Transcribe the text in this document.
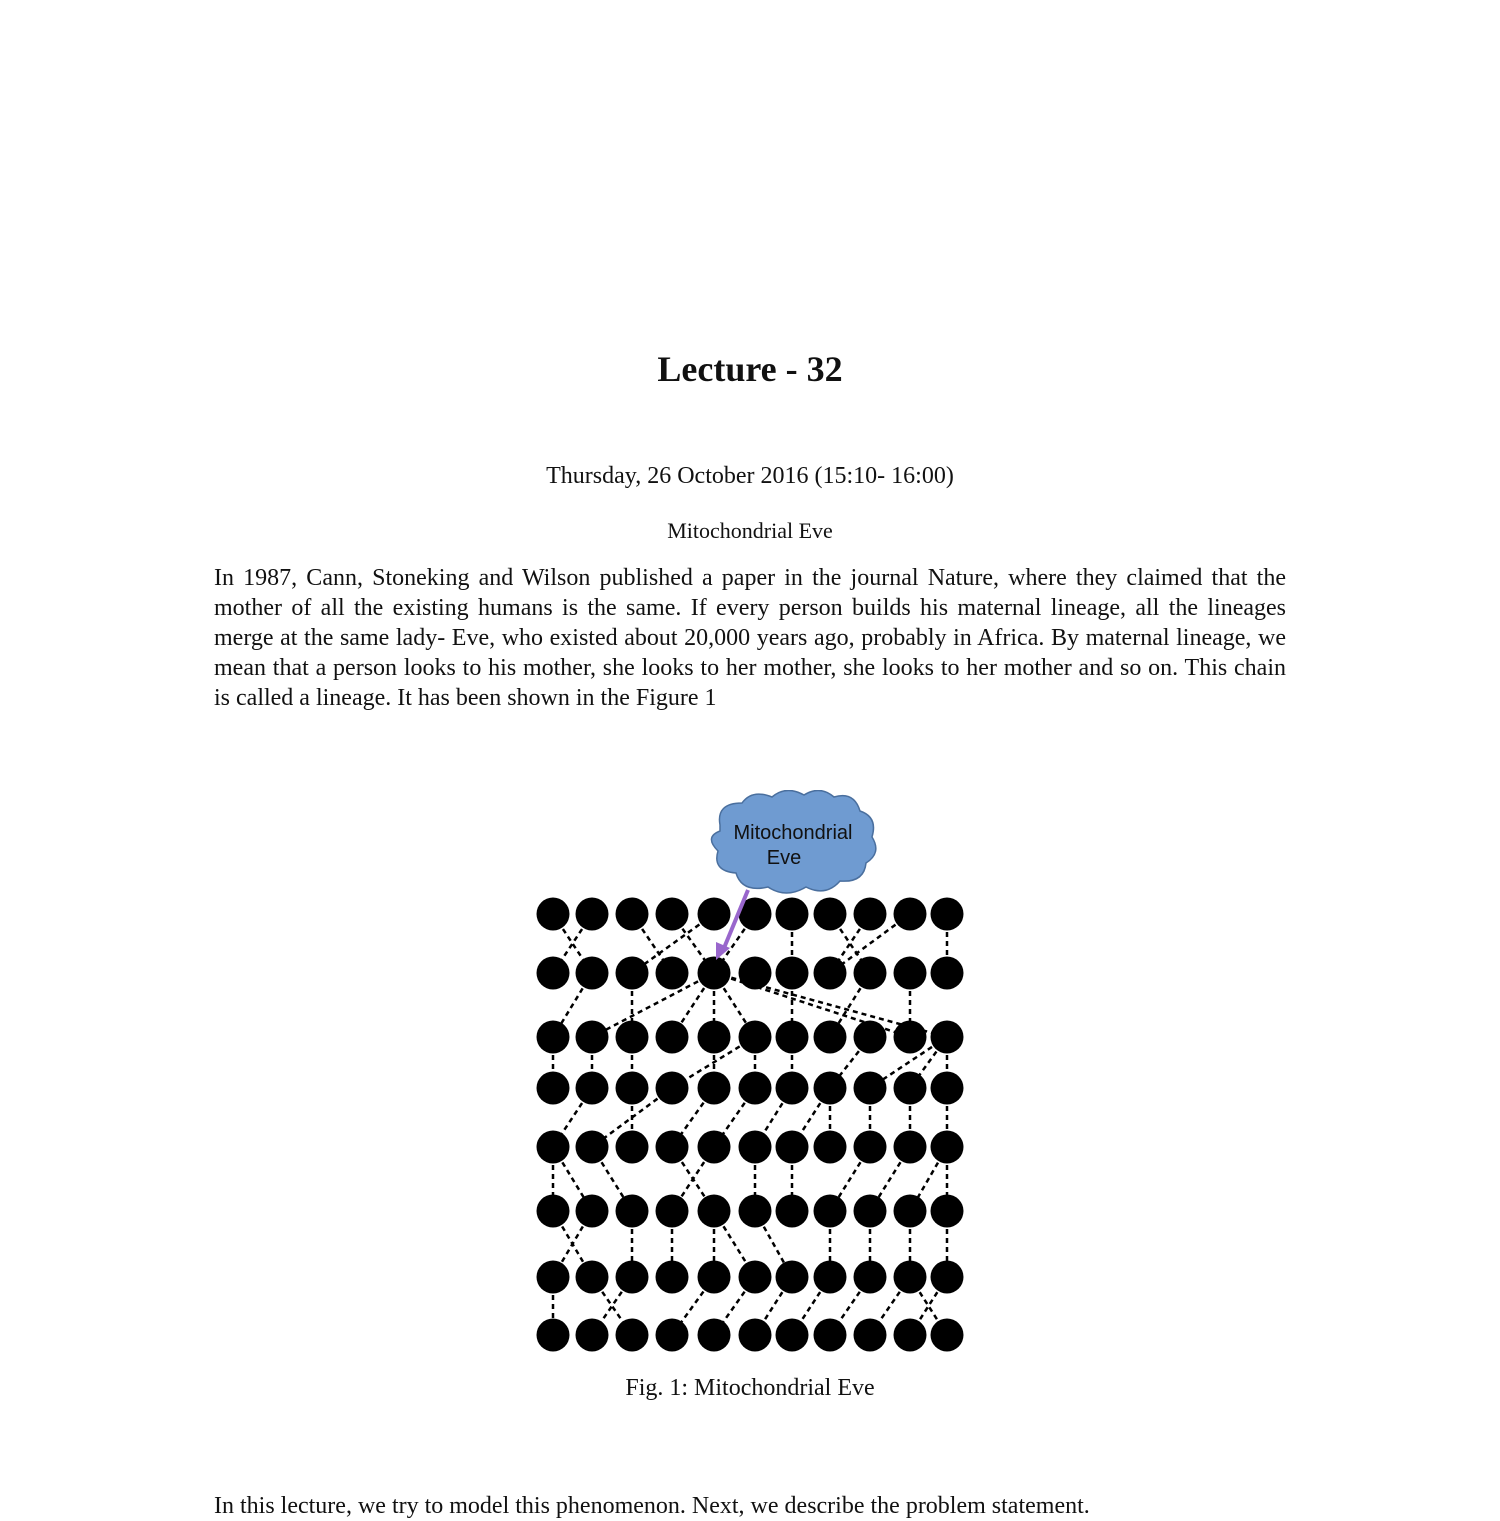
Lecture - 32
Thursday, 26 October 2016 (15:10- 16:00)
Mitochondrial Eve
In 1987, Cann, Stoneking and Wilson published a paper in the journal Nature, where they claimed that the mother of all the existing humans is the same. If every person builds his maternal lineage, all the lineages merge at the same lady- Eve, who existed about 20,000 years ago, probably in Africa. By maternal lineage, we mean that a person looks to his mother, she looks to her mother, she looks to her mother and so on. This chain is called a lineage. It has been shown in the Figure 1
Mitochondrial
Eve
Fig. 1: Mitochondrial Eve
In this lecture, we try to model this phenomenon. Next, we describe the problem statement.
